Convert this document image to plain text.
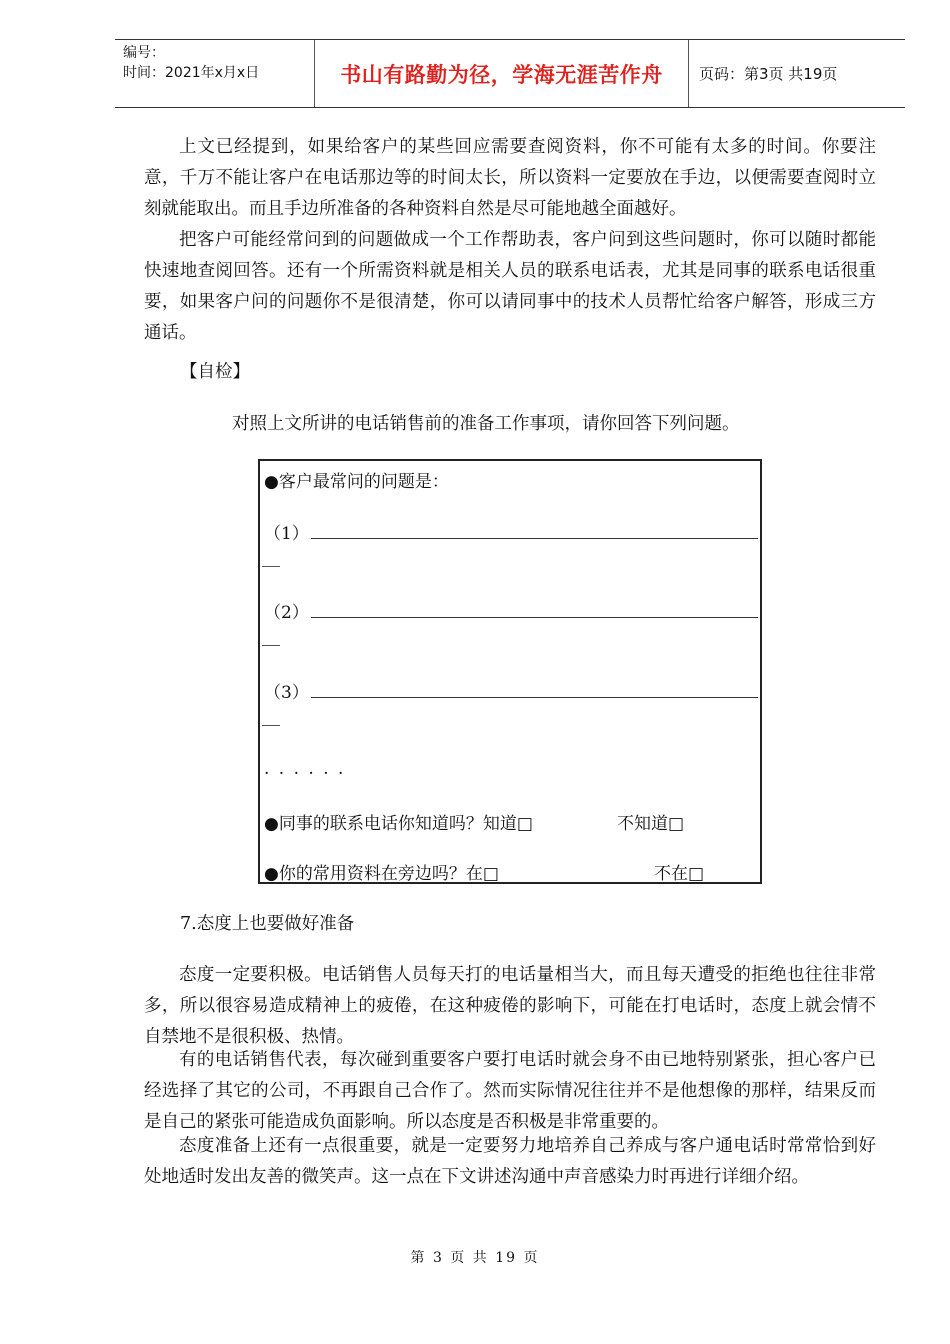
编号：
时间：2021年x月x日	书山有路勤为径，学海无涯苦作舟 页码：第3页 共19页

上文已经提到，如果给客户的某些回应需要查阅资料，你不可能有太多的时间。你要注意，千万不能让客户在电话那边等的时间太长，所以资料一定要放在手边，以便需要查阅时立刻就能取出。而且手边所准备的各种资料自然是尽可能地越全面越好。

把客户可能经常问到的问题做成一个工作帮助表，客户问到这些问题时，你可以随时都能快速地查阅回答。还有一个所需资料就是相关人员的联系电话表，尤其是同事的联系电话很重要，如果客户问的问题你不是很清楚，你可以请同事中的技术人员帮忙给客户解答，形成三方通话。

【自检】

对照上文所讲的电话销售前的准备工作事项，请你回答下列问题。

●客户最常问的问题是：
（1）
（2）
（3）
. . . . . .
●同事的联系电话你知道吗？知道□	不知道□
●你的常用资料在旁边吗？在□	不在□

7.态度上也要做好准备

态度一定要积极。电话销售人员每天打的电话量相当大，而且每天遭受的拒绝也往往非常多，所以很容易造成精神上的疲倦，在这种疲倦的影响下，可能在打电话时，态度上就会情不自禁地不是很积极、热情。

有的电话销售代表，每次碰到重要客户要打电话时就会身不由已地特别紧张，担心客户已经选择了其它的公司，不再跟自己合作了。然而实际情况往往并不是他想像的那样，结果反而是自己的紧张可能造成负面影响。所以态度是否积极是非常重要的。

态度准备上还有一点很重要，就是一定要努力地培养自己养成与客户通电话时常常恰到好处地适时发出友善的微笑声。这一点在下文讲述沟通中声音感染力时再进行详细介绍。

第 3 页 共 19 页
